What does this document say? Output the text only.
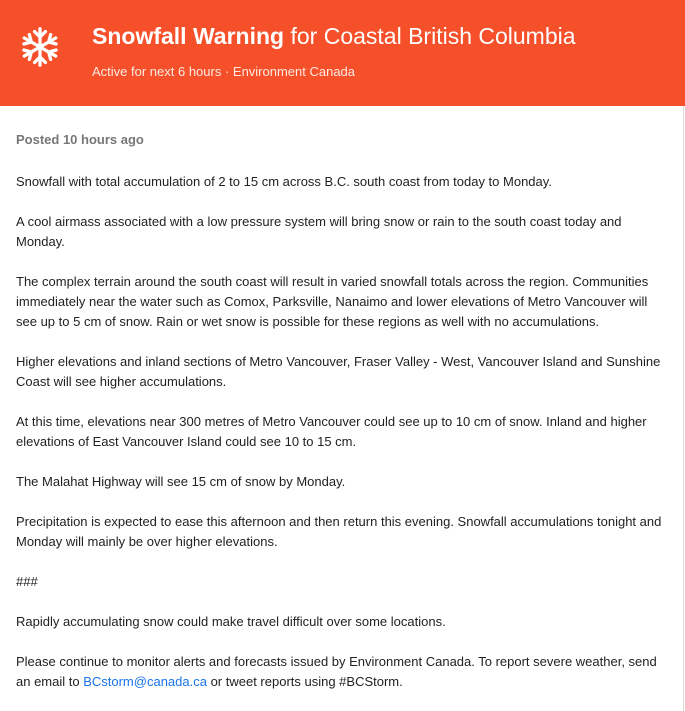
Snowfall Warning for Coastal British Columbia
Active for next 6 hours · Environment Canada
Posted 10 hours ago

Snowfall with total accumulation of 2 to 15 cm across B.C. south coast from today to Monday.

A cool airmass associated with a low pressure system will bring snow or rain to the south coast today and Monday.

The complex terrain around the south coast will result in varied snowfall totals across the region. Communities immediately near the water such as Comox, Parksville, Nanaimo and lower elevations of Metro Vancouver will see up to 5 cm of snow. Rain or wet snow is possible for these regions as well with no accumulations.

Higher elevations and inland sections of Metro Vancouver, Fraser Valley - West, Vancouver Island and Sunshine Coast will see higher accumulations.

At this time, elevations near 300 metres of Metro Vancouver could see up to 10 cm of snow. Inland and higher elevations of East Vancouver Island could see 10 to 15 cm.

The Malahat Highway will see 15 cm of snow by Monday.

Precipitation is expected to ease this afternoon and then return this evening. Snowfall accumulations tonight and Monday will mainly be over higher elevations.

###

Rapidly accumulating snow could make travel difficult over some locations.

Please continue to monitor alerts and forecasts issued by Environment Canada. To report severe weather, send an email to BCstorm@canada.ca or tweet reports using #BCStorm.
